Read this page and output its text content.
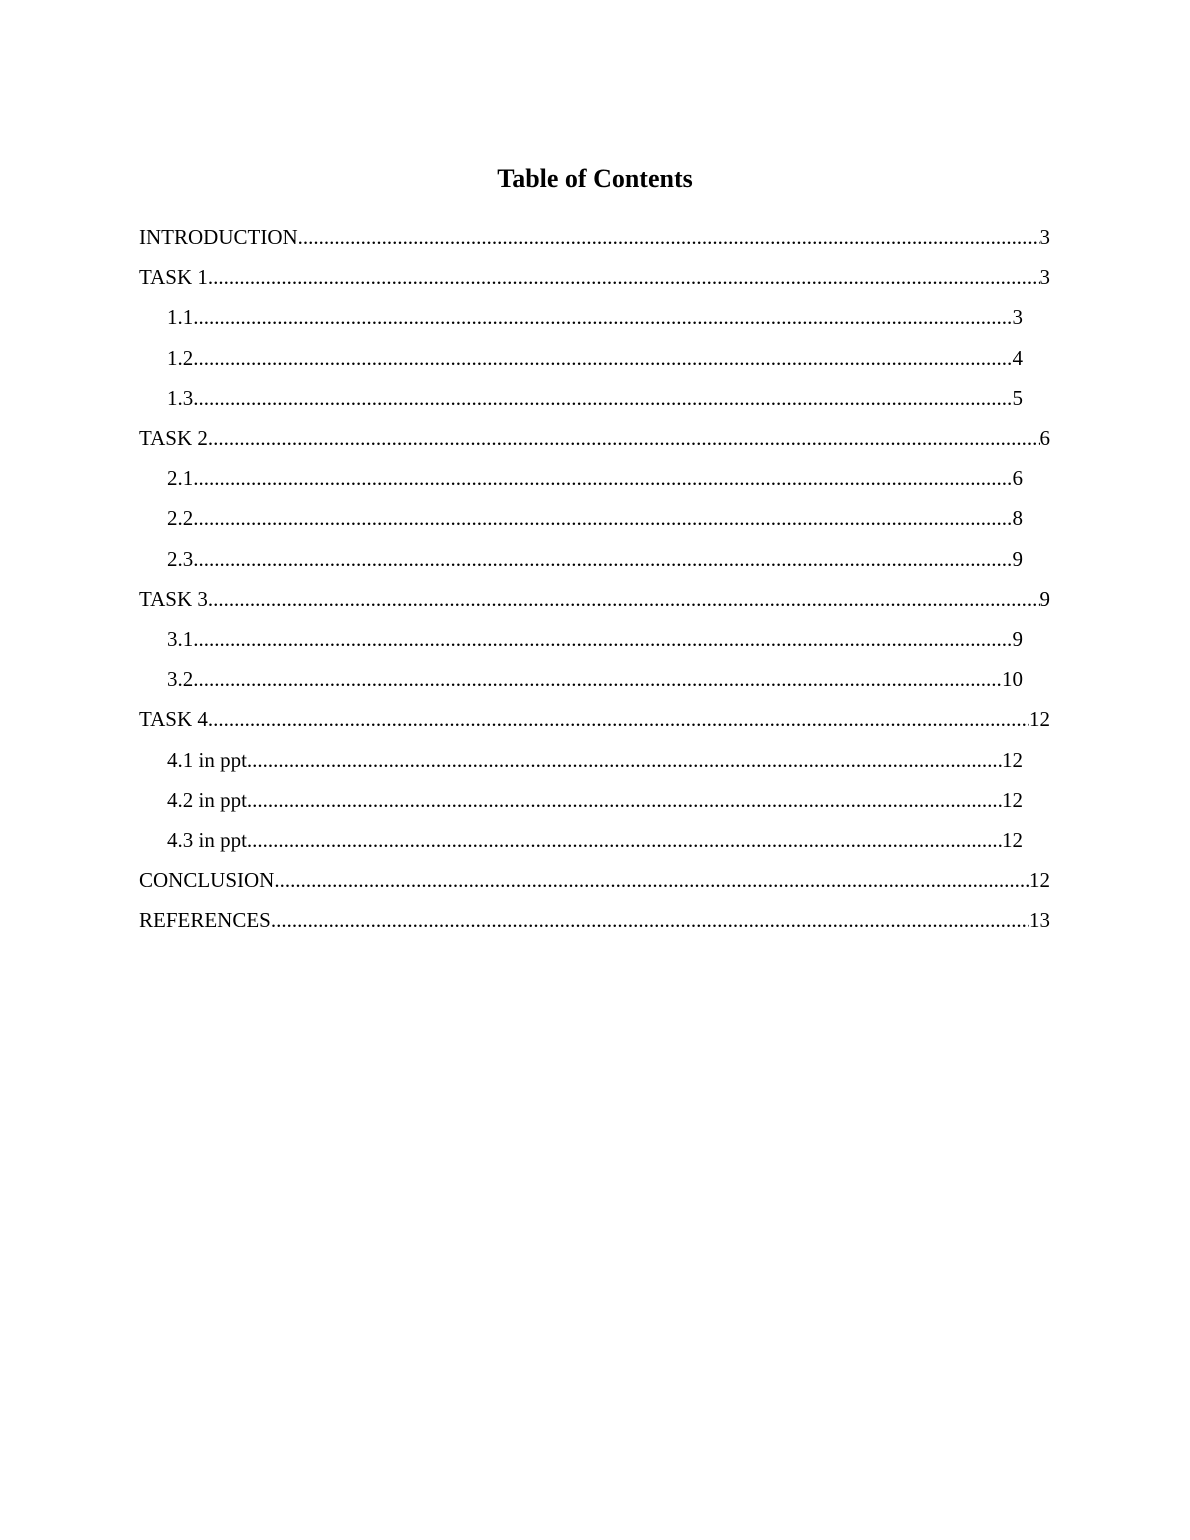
Table of Contents
INTRODUCTION .....	3
TASK 1 .....	3
1.1 .....	3
1.2 .....	4
1.3 .....	5
TASK 2 .....	6
2.1 .....	6
2.2 .....	8
2.3 .....	9
TASK 3 .....	9
3.1 .....	9
3.2 .....	10
TASK 4 .....	12
4.1 in ppt .....	12
4.2 in ppt .....	12
4.3 in ppt .....	12
CONCLUSION .....	12
REFERENCES .....	13
